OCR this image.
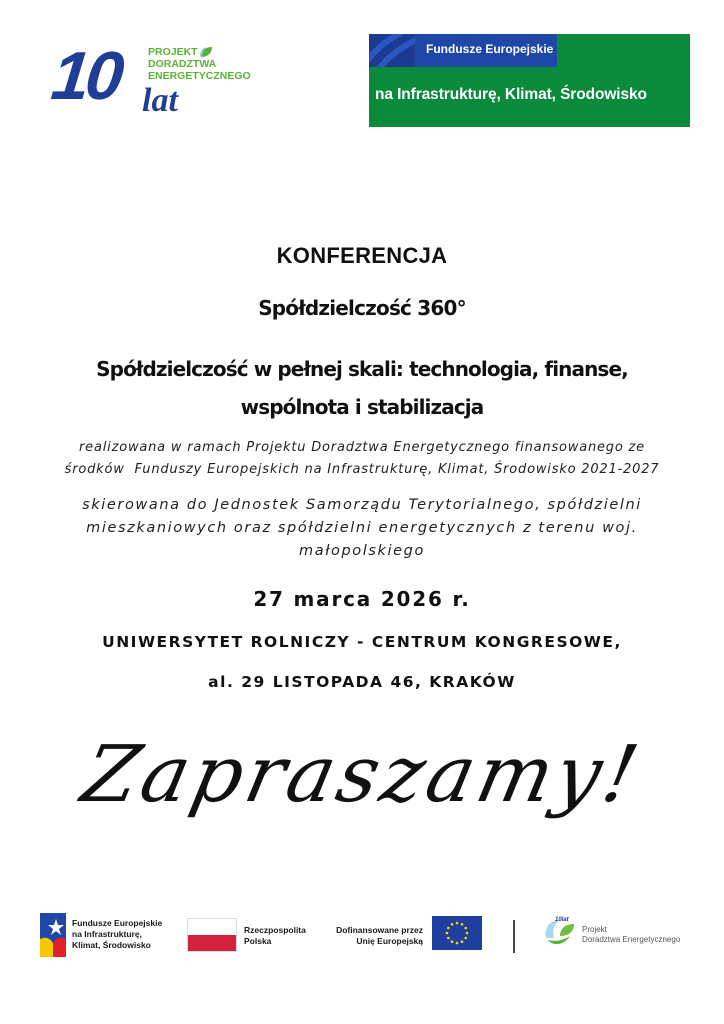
10 lat
PROJEKT
DORADZTWA
ENERGETYCZNEGO
Fundusze Europejskie
na Infrastrukturę, Klimat, Środowisko
KONFERENCJA
Spółdzielczość 360°
Spółdzielczość w pełnej skali: technologia, finanse,
wspólnota i stabilizacja
realizowana w ramach Projektu Doradztwa Energetycznego finansowanego ze
środków  Funduszy Europejskich na Infrastrukturę, Klimat, Środowisko 2021-2027
skierowana do Jednostek Samorządu Terytorialnego, spółdzielni mieszkaniowych oraz spółdzielni energetycznych z terenu woj. małopolskiego
27 marca 2026 r.
UNIWERSYTET ROLNICZY - CENTRUM KONGRESOWE,
al. 29 LISTOPADA 46, KRAKÓW
Zapraszamy!
Fundusze Europejskie
na Infrastrukturę,
Klimat, Środowisko
Rzeczpospolita
Polska
Dofinansowane przez
Unię Europejską
10lat
Projekt
Doradztwa Energetycznego
